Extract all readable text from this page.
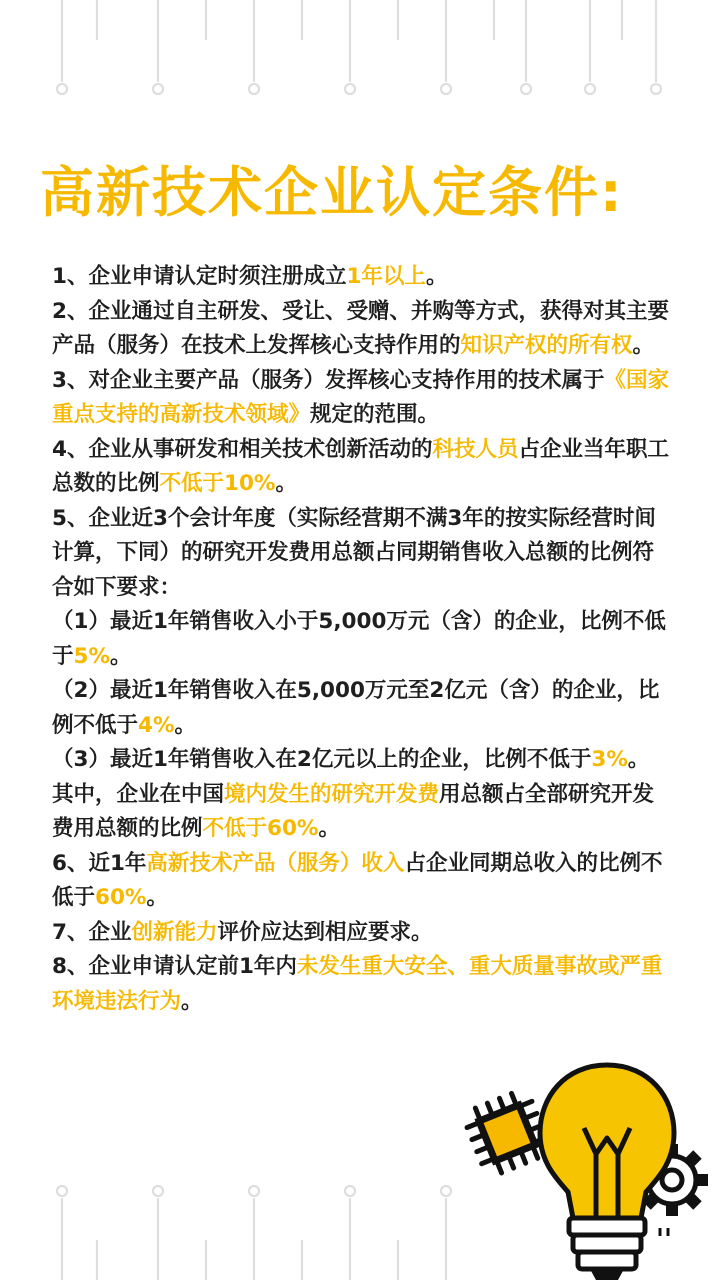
高新技术企业认定条件:

1、企业申请认定时须注册成立1年以上。

2、企业通过自主研发、受让、受赠、并购等方式，获得对其主要产品（服务）在技术上发挥核心支持作用的知识产权的所有权。

3、对企业主要产品（服务）发挥核心支持作用的技术属于《国家重点支持的高新技术领域》规定的范围。

4、企业从事研发和相关技术创新活动的科技人员占企业当年职工总数的比例不低于10%。

5、企业近3个会计年度（实际经营期不满3年的按实际经营时间计算，下同）的研究开发费用总额占同期销售收入总额的比例符合如下要求：

（1）最近1年销售收入小于5,000万元（含）的企业，比例不低于5%。

（2）最近1年销售收入在5,000万元至2亿元（含）的企业，比例不低于4%。

（3）最近1年销售收入在2亿元以上的企业，比例不低于3%。

其中，企业在中国境内发生的研究开发费用总额占全部研究开发费用总额的比例不低于60%。

6、近1年高新技术产品（服务）收入占企业同期总收入的比例不低于60%。

7、企业创新能力评价应达到相应要求。

8、企业申请认定前1年内未发生重大安全、重大质量事故或严重环境违法行为。
